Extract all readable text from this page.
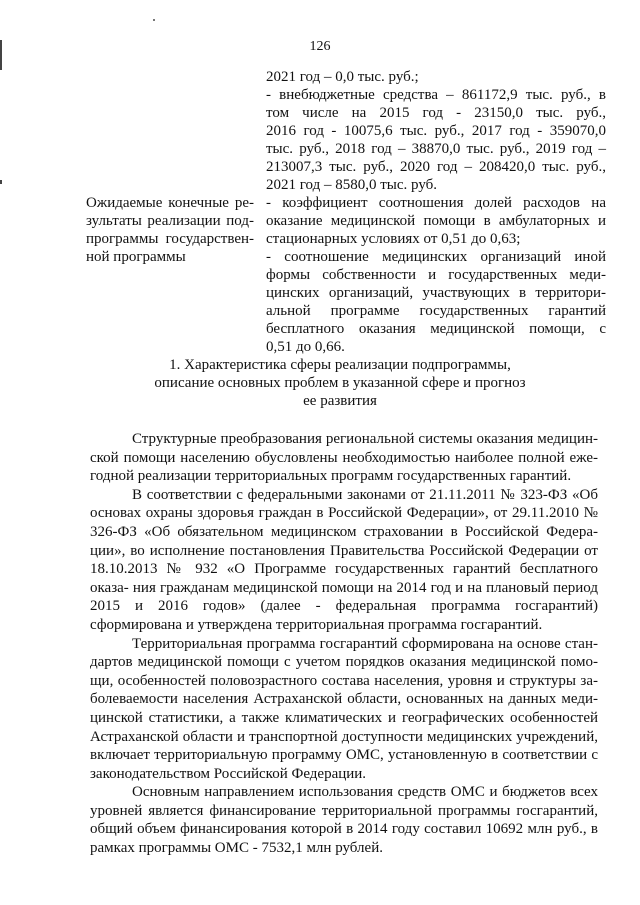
126
2021 год – 0,0 тыс. руб.;
- внебюджетные средства – 861172,9 тыс. руб., в
том числе на 2015 год - 23150,0 тыс. руб.,
2016 год - 10075,6 тыс. руб., 2017 год - 359070,0
тыс. руб., 2018 год – 38870,0 тыс. руб., 2019 год –
213007,3 тыс. руб., 2020 год – 208420,0 тыс. руб.,
2021 год – 8580,0 тыс. руб.
Ожидаемые конечные ре-
зультаты реализации под-
программы государствен-
ной программы
- коэффициент соотношения долей расходов на
оказание медицинской помощи в амбулаторных и
стационарных условиях от 0,51 до 0,63;
- соотношение медицинских организаций иной
формы собственности и государственных меди-
цинских организаций, участвующих в территори-
альной программе государственных гарантий
бесплатного оказания медицинской помощи, с
0,51 до 0,66.
1. Характеристика сферы реализации подпрограммы,
описание основных проблем в указанной сфере и прогноз
ее развития

Структурные преобразования региональной системы оказания медицин- ской помощи населению обусловлены необходимостью наиболее полной еже- годной реализации территориальных программ государственных гарантий.

В соответствии с федеральными законами от 21.11.2011 № 323-ФЗ «Об основах охраны здоровья граждан в Российской Федерации», от 29.11.2010 № 326-ФЗ «Об обязательном медицинском страховании в Российской Федера- ции», во исполнение постановления Правительства Российской Федерации от 18.10.2013 № 932 «О Программе государственных гарантий бесплатного оказа- ния гражданам медицинской помощи на 2014 год и на плановый период 2015 и 2016 годов» (далее - федеральная программа госгарантий) сформирована и утверждена территориальная программа госгарантий.

Территориальная программа госгарантий сформирована на основе стан- дартов медицинской помощи с учетом порядков оказания медицинской помо- щи, особенностей половозрастного состава населения, уровня и структуры за- болеваемости населения Астраханской области, основанных на данных меди- цинской статистики, а также климатических и географических особенностей Астраханской области и транспортной доступности медицинских учреждений, включает территориальную программу ОМС, установленную в соответствии с законодательством Российской Федерации.

Основным направлением использования средств ОМС и бюджетов всех уровней является финансирование территориальной программы госгарантий, общий объем финансирования которой в 2014 году составил 10692 млн руб., в рамках программы ОМС - 7532,1 млн рублей.
